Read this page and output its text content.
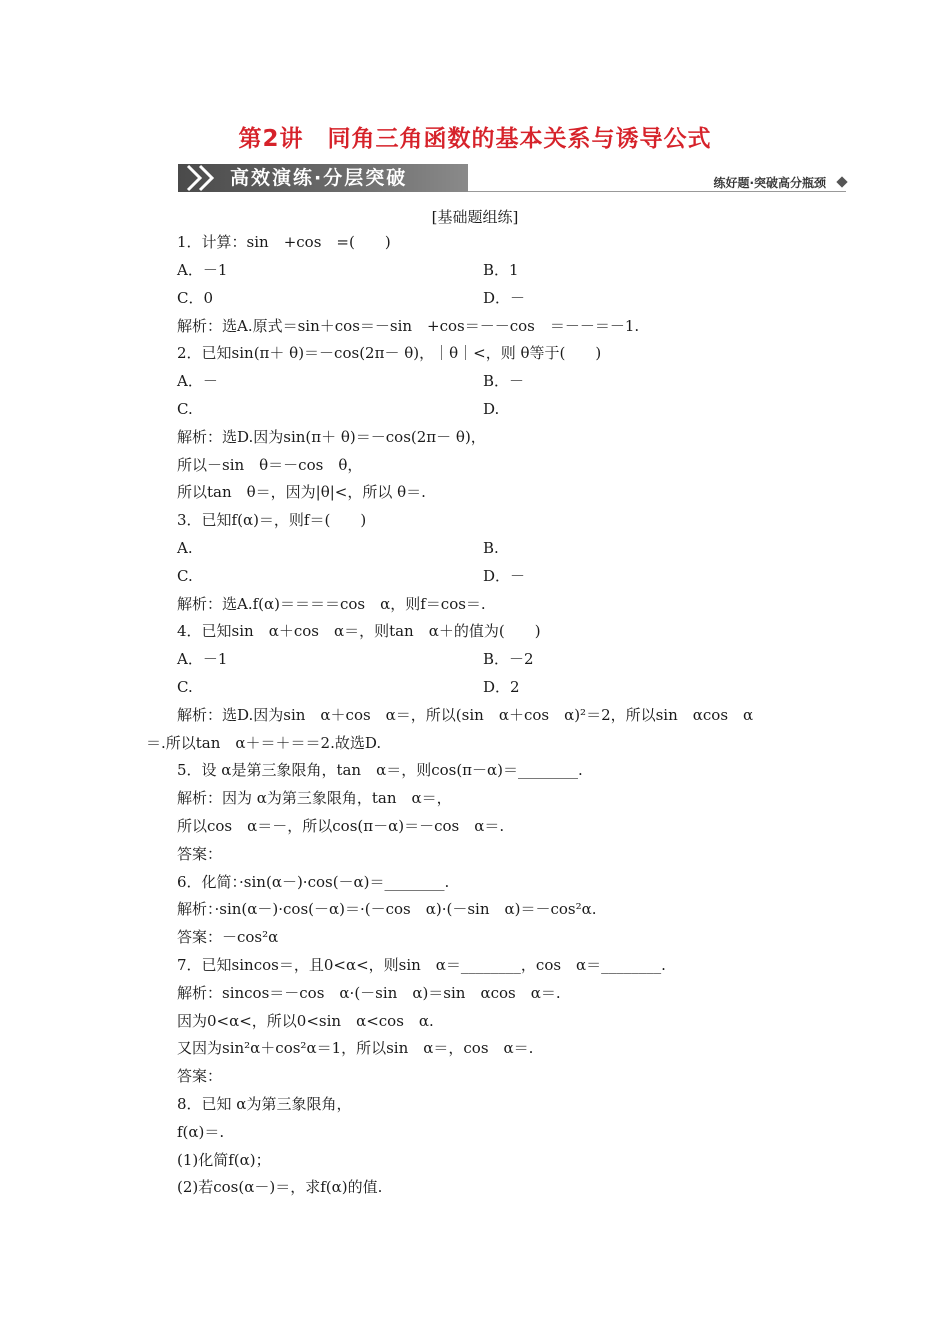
第2讲　同角三角函数的基本关系与诱导公式
高效演练·分层突破	练好题·突破高分瓶颈
[基础题组练]
1．计算：sin　+cos　=(　　)
A．－1	B．1
C．0	D．－
解析：选A.原式＝sin＋cos＝－sin　+cos＝－－cos　＝－－＝－1.
2．已知sin(π＋ θ)＝－cos(2π－ θ)，｜θ｜<，则 θ等于(　　)
A．－	B．－
C.	D.
解析：选D.因为sin(π＋ θ)＝－cos(2π－ θ)，
所以－sin　θ＝－cos　θ，
所以tan　θ＝，因为|θ|<，所以 θ＝.
3．已知f(α)＝，则f＝(　　)
A.	B.
C.	D．－
解析：选A.f(α)＝＝＝＝cos　α，则f＝cos＝.
4．已知sin　α＋cos　α＝，则tan　α＋的值为(　　)
A．－1	B．－2
C.	D．2
解析：选D.因为sin　α＋cos　α＝，所以(sin　α＋cos　α)²＝2，所以sin　αcos　α
＝.所以tan　α＋＝＋＝＝2.故选D.
5．设 α是第三象限角，tan　α＝，则cos(π－α)＝________.
解析：因为 α为第三象限角，tan　α＝，
所以cos　α＝－，所以cos(π－α)＝－cos　α＝.
答案：
6．化简：·sin(α－)·cos(－α)＝________.
解析：·sin(α－)·cos(－α)＝·(－cos　α)·(－sin　α)＝－cos²α.
答案：－cos²α
7．已知sincos＝，且0<α<，则sin　α＝________，cos　α＝________.
解析：sincos＝－cos　α·(－sin　α)＝sin　αcos　α＝.
因为0<α<，所以0<sin　α<cos　α.
又因为sin²α＋cos²α＝1，所以sin　α＝，cos　α＝.
答案：
8．已知 α为第三象限角，
f(α)＝.
(1)化简f(α)；
(2)若cos(α－)＝，求f(α)的值.
